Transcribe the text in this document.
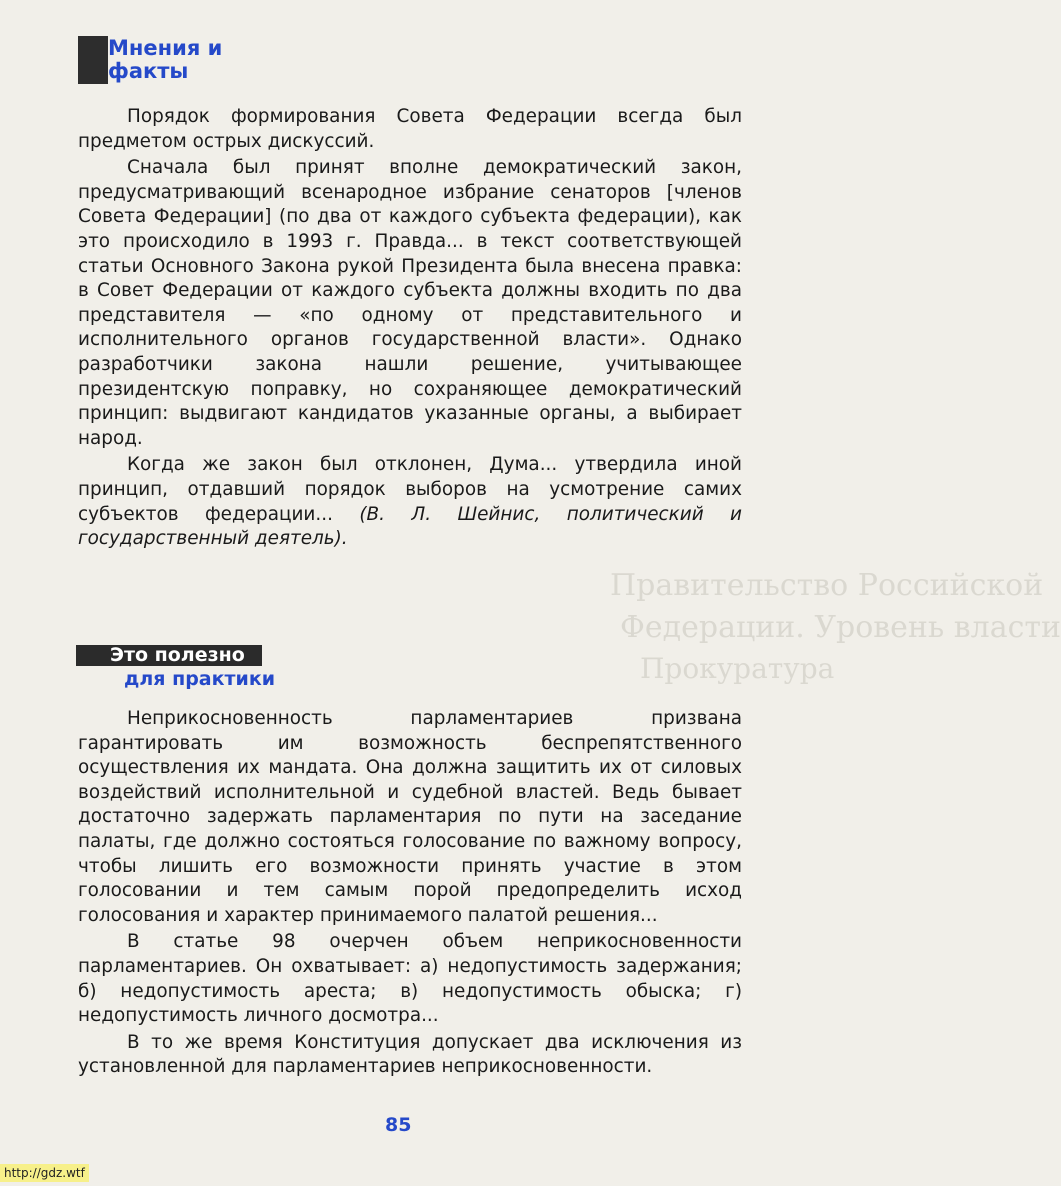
Правительство Российской
Федерации. Уровень власти
Прокуратура
Мнения и
факты

Порядок формирования Совета Федерации всегда был предметом острых дискуссий.

Сначала был принят вполне демократический закон, предусматривающий всенародное избрание сенаторов [членов Совета Федерации] (по два от каждого субъекта федерации), как это происходило в 1993 г. Правда... в текст соответствующей статьи Основного Закона рукой Президента была внесена правка: в Совет Федерации от каждого субъекта должны входить по два представителя — «по одному от представительного и исполнительного органов государственной власти». Однако разработчики закона нашли решение, учитывающее президентскую поправку, но сохраняющее демократический принцип: выдвигают кандидатов указанные органы, а выбирает народ.

Когда же закон был отклонен, Дума... утвердила иной принцип, отдавший порядок выборов на усмотрение самих субъектов федерации... (В. Л. Шейнис, политический и государственный деятель).

Это полезно
для практики

Неприкосновенность парламентариев призвана гарантировать им возможность беспрепятственного осуществления их мандата. Она должна защитить их от силовых воздействий исполнительной и судебной властей. Ведь бывает достаточно задержать парламентария по пути на заседание палаты, где должно состояться голосование по важному вопросу, чтобы лишить его возможности принять участие в этом голосовании и тем самым порой предопределить исход голосования и характер принимаемого палатой решения...

В статье 98 очерчен объем неприкосновенности парламентариев. Он охватывает: а) недопустимость задержания; б) недопустимость ареста; в) недопустимость обыска; г) недопустимость личного досмотра...

В то же время Конституция допускает два исключения из установленной для парламентариев неприкосновенности.

85
http://gdz.wtf
